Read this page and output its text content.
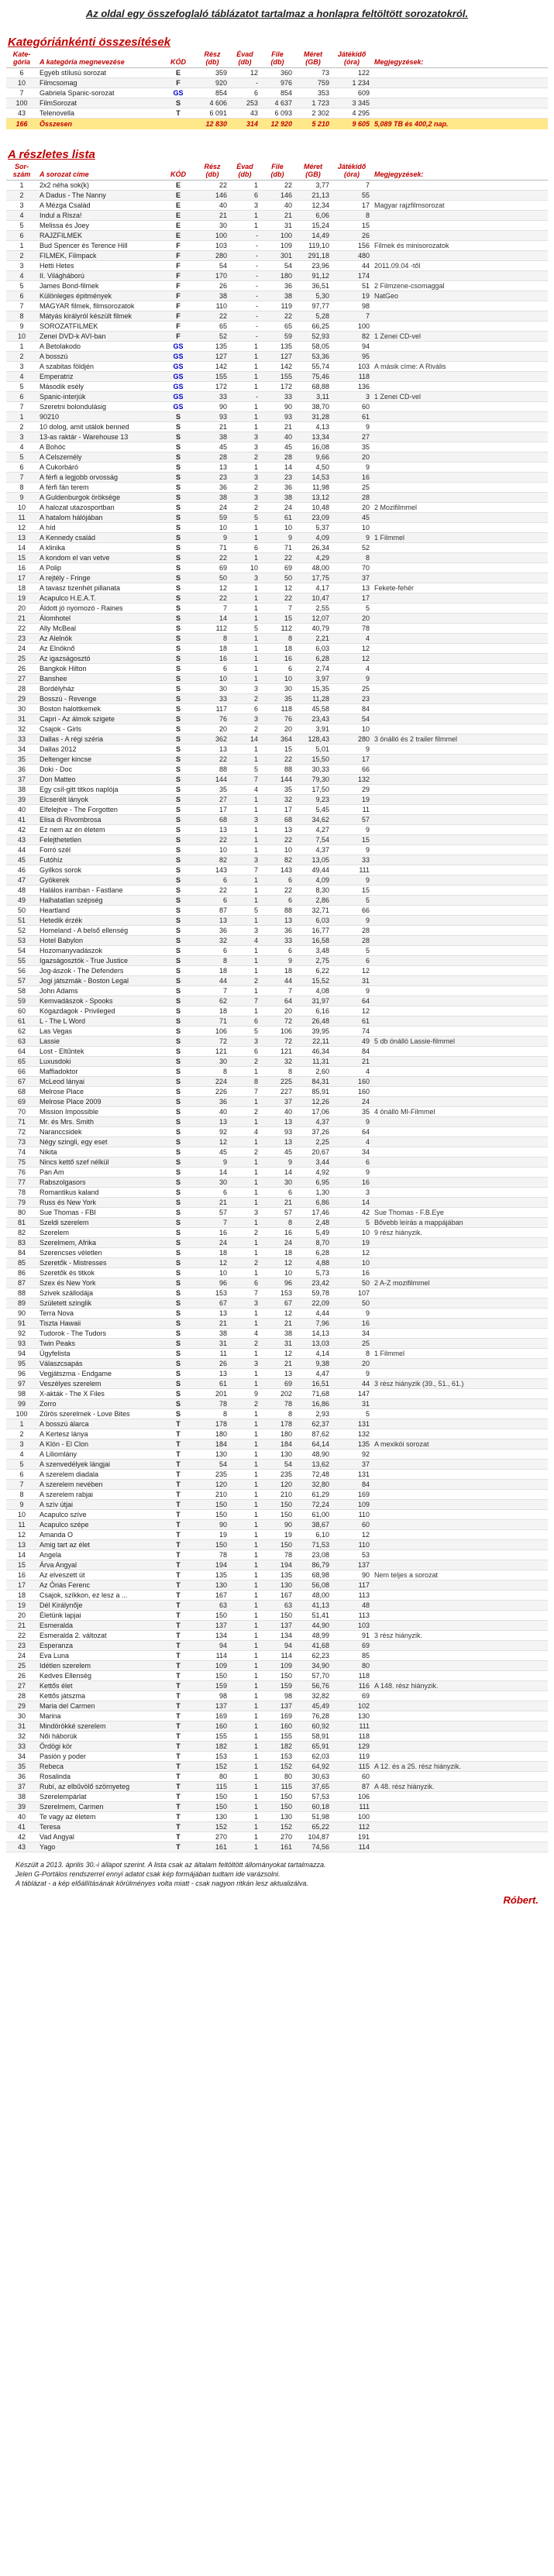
Az oldal egy összefoglaló táblázatot tartalmaz a honlapra feltöltött sorozatokról.
Kategóriánkénti összesítések
Kate-
gória	A kategória megnevezése	KÓD	Rész
(db)	Évad
(db)	File
(db)	Méret
(GB)	Játékidő
(óra)	Megjegyzések:
6	Egyéb stílusú sorozat	E	359	12	360	73	122	
10	Filmcsomag	F	920	-	976	759	1 234	
7	Gabriela Spanic-sorozat	GS	854	6	854	353	609	
100	FilmSorozat	S	4 606	253	4 637	1 723	3 345	
43	Telenovella	T	6 091	43	6 093	2 302	4 295	
166	Összesen		12 830	314	12 920	5 210	9 605	5,089 TB és 400,2 nap.
A részletes lista
Sor-
szám	A sorozat címe	KÓD	Rész
(db)	Évad
(db)	File
(db)	Méret
(GB)	Játékidő
(óra)	Megjegyzések:
1	2x2 néha sok(k)	E	22	1	22	3,77	7	
2	A Dadus - The Nanny	E	146	6	146	21,13	55	
3	A Mézga Család	E	40	3	40	12,34	17	Magyar rajzfilmsorozat
4	Indul a Risza!	E	21	1	21	6,06	8	
5	Melissa és Joey	E	30	1	31	15,24	15	
6	RAJZFILMEK	E	100	-	100	14,49	26	
1	Bud Spencer és Terence Hill	F	103	-	109	119,10	156	Filmek és minisorozatok
2	FILMEK, Filmpack	F	280	-	301	291,18	480	
3	Hetti Hetes	F	54	-	54	23,96	44	2011.09.04 -től
4	II. Világháború	F	170	-	180	91,12	174	
5	James Bond-filmek	F	26	-	36	36,51	51	2 Filmzene-csomaggal
6	Különleges épitmények	F	38	-	38	5,30	19	NatGeo
7	MAGYAR filmek, filmsorozatok	F	110	-	119	97,77	98	
8	Mátyás királyról készült filmek	F	22	-	22	5,28	7	
9	SOROZATFILMEK	F	65	-	65	66,25	100	
10	Zenei DVD-k AVI-ban	F	52	-	59	52,93	82	1 Zenei CD-vel
1	A Betolakodo	GS	135	1	135	58,05	94	
2	A bosszú	GS	127	1	127	53,36	95	
3	A szabitas földjén	GS	142	1	142	55,74	103	A másik címe: A Rivális
4	Emperatriz	GS	155	1	155	75,46	118	
5	Második esély	GS	172	1	172	68,88	136	
6	Spanic-interjúk	GS	33	-	33	3,11	3	1 Zenei CD-vel
7	Szeretni bolondulásig	GS	90	1	90	38,70	60	
1	90210	S	93	1	93	31,28	61	
2	10 dolog, amit utálok benned	S	21	1	21	4,13	9	
3	13-as raktár - Warehouse 13	S	38	3	40	13,34	27	
4	A Bohóc	S	45	3	45	16,08	35	
5	A Celszemély	S	28	2	28	9,66	20	
6	A Cukorbáró	S	13	1	14	4,50	9	
7	A férfi a legjobb orvosság	S	23	3	23	14,53	16	
8	A férfi fán terem	S	36	2	36	11,98	25	
9	A Guldenburgok öröksége	S	38	3	38	13,12	28	
10	A halozat utazosportban	S	24	2	24	10,48	20	2 Mozifilmmel
11	A hatalom hálójában	S	59	5	61	23,09	45	
12	A híd	S	10	1	10	5,37	10	
13	A Kennedy család	S	9	1	9	4,09	9	1 Filmmel
14	A klinika	S	71	6	71	26,34	52	
15	A kondom el van vetve	S	22	1	22	4,29	8	
16	A Polip	S	69	10	69	48,00	70	
17	A rejtély - Fringe	S	50	3	50	17,75	37	
18	A tavasz tizenhét pillanata	S	12	1	12	4,17	13	Fekete-fehér
19	Acapulco H.E.A.T.	S	22	1	22	10,47	17	
20	Áldott jó nyomozó - Raines	S	7	1	7	2,55	5	
21	Álomhotel	S	14	1	15	12,07	20	
22	Ally McBeal	S	112	5	112	40,79	78	
23	Az Alelnök	S	8	1	8	2,21	4	
24	Az Elnöknő	S	18	1	18	6,03	12	
25	Az igazságosztó	S	16	1	16	6,28	12	
26	Bangkok Hilton	S	6	1	6	2,74	4	
27	Banshee	S	10	1	10	3,97	9	
28	Bordélyház	S	30	3	30	15,35	25	
29	Bosszú - Revenge	S	33	2	35	11,28	23	
30	Boston halottkemek	S	117	6	118	45,58	84	
31	Capri - Az álmok szigete	S	76	3	76	23,43	54	
32	Csajok - Girls	S	20	2	20	3,91	10	
33	Dallas - A régi széria	S	362	14	364	128,43	280	3 önálló és 2 trailer filmmel
34	Dallas 2012	S	13	1	15	5,01	9	
35	Deltenger kincse	S	22	1	22	15,50	17	
36	Doki - Doc	S	88	5	88	30,33	66	
37	Don Matteo	S	144	7	144	79,30	132	
38	Egy csíl-gitt titkos naplója	S	35	4	35	17,50	29	
39	Elcserélt lányok	S	27	1	32	9,23	19	
40	Elfelejtve - The Forgotten	S	17	1	17	5,45	11	
41	Elisa di Rivombrosa	S	68	3	68	34,62	57	
42	Ez nem az én életem	S	13	1	13	4,27	9	
43	Felejthetetlen	S	22	1	22	7,54	15	
44	Forró szél	S	10	1	10	4,37	9	
45	Futóhíz	S	82	3	82	13,05	33	
46	Gyilkos sorok	S	143	7	143	49,44	111	
47	Gyökerek	S	6	1	6	4,09	9	
48	Halálos iramban - Fastlane	S	22	1	22	8,30	15	
49	Halhatatlan szépség	S	6	1	6	2,86	5	
50	Heartland	S	87	5	88	32,71	66	
51	Hetedik érzék	S	13	1	13	6,03	9	
52	Homeland - A belső ellenség	S	36	3	36	16,77	28	
53	Hotel Babylon	S	32	4	33	16,58	28	
54	Hozomanyvadászok	S	6	1	6	3,48	5	
55	Igazságosztók - True Justice	S	8	1	9	2,75	6	
56	Jog-ászok - The Defenders	S	18	1	18	6,22	12	
57	Jogi játszmák - Boston Legal	S	44	2	44	15,52	31	
58	John Adams	S	7	1	7	4,08	9	
59	Kemvadászok - Spooks	S	62	7	64	31,97	64	
60	Kógazdagok - Privileged	S	18	1	20	6,16	12	
61	L - The L Word	S	71	6	72	26,48	61	
62	Las Vegas	S	106	5	106	39,95	74	
63	Lassie	S	72	3	72	22,11	49	5 db önálló Lassie-filmmel
64	Lost - Eltűntek	S	121	6	121	46,34	84	
65	Luxusdoki	S	30	2	32	11,31	21	
66	Maffiadoktor	S	8	1	8	2,60	4	
67	McLeod lányai	S	224	8	225	84,31	160	
68	Melrose Place	S	226	7	227	85,91	160	
69	Melrose Place 2009	S	36	1	37	12,26	24	
70	Mission Impossible	S	40	2	40	17,06	35	4 önálló MI-Filmmel
71	Mr. és Mrs. Smith	S	13	1	13	4,37	9	
72	Naranccsidek	S	92	4	93	37,26	64	
73	Négy szingli, egy eset	S	12	1	13	2,25	4	
74	Nikita	S	45	2	45	20,67	34	
75	Nincs kettő szef nélkül	S	9	1	9	3,44	6	
76	Pan Am	S	14	1	14	4,92	9	
77	Rabszolgasors	S	30	1	30	6,95	16	
78	Romantikus kaland	S	6	1	6	1,30	3	
79	Russ és New York	S	21	1	21	6,86	14	
80	Sue Thomas - FBI	S	57	3	57	17,46	42	Sue Thomas - F.B.Eye
81	Szeldi szerelem	S	7	1	8	2,48	5	Bővebb leírás a mappájában
82	Szerelem	S	16	2	16	5,49	10	9 rész hiányzik.
83	Szerelmem, Afrika	S	24	1	24	8,70	19	
84	Szerencses véletlen	S	18	1	18	6,28	12	
85	Szeretők - Mistresses	S	12	2	12	4,88	10	
86	Szeretők és titkok	S	10	1	10	5,73	16	
87	Szex és New York	S	96	6	96	23,42	50	2 A-Z mozifilmmel
88	Szivek szállodája	S	153	7	153	59,78	107	
89	Született szinglik	S	67	3	67	22,09	50	
90	Terra Nova	S	13	1	12	4,44	9	
91	Tiszta Hawaii	S	21	1	21	7,96	16	
92	Tudorok - The Tudors	S	38	4	38	14,13	34	
93	Twin Peaks	S	31	2	31	13,03	25	
94	Úgyfelista	S	11	1	12	4,14	8	1 Filmmel
95	Válaszcsapás	S	26	3	21	9,38	20	
96	Vegjátszma - Endgame	S	13	1	13	4,47	9	
97	Veszélyes szerelem	S	61	1	69	16,51	44	3 rész hiányzik (39., 51., 61.)
98	X-akták - The X Files	S	201	9	202	71,68	147	
99	Zorro	S	78	2	78	16,86	31	
100	Zűrös szerelmek - Love Bites	S	8	1	8	2,93	5	
1	A bosszú álarca	T	178	1	178	62,37	131	
2	A Kertesz lánya	T	180	1	180	87,62	132	
3	A Klón - El Clon	T	184	1	184	64,14	135	A mexikói sorozat
4	A Liliomlány	T	130	1	130	48,90	92	
5	A szenvedélyek lángjai	T	54	1	54	13,62	37	
6	A szerelem diadala	T	235	1	235	72,48	131	
7	A szerelem nevében	T	120	1	120	32,80	84	
8	A szerelem rabjai	T	210	1	210	61,29	169	
9	A szív útjai	T	150	1	150	72,24	109	
10	Acapulco szíve	T	150	1	150	61,00	110	
11	Acapulco szépe	T	90	1	90	38,67	60	
12	Amanda O	T	19	1	19	6,10	12	
13	Amig tart az élet	T	150	1	150	71,53	110	
14	Angela	T	78	1	78	23,08	53	
15	Árva Angyal	T	194	1	194	86,79	137	
16	Az elveszett út	T	135	1	135	68,98	90	Nem teljes a sorozat
17	Az Óriás Ferenc	T	130	1	130	56,08	117	
18	Csajok, szíkkon, ez lesz a ...	T	167	1	167	48,00	113	
19	Dél Királynője	T	63	1	63	41,13	48	
20	Életünk lapjai	T	150	1	150	51,41	113	
21	Esmeralda	T	137	1	137	44,90	103	
22	Esmeralda 2. változat	T	134	1	134	48,99	91	3 rész hiányzik.
23	Esperanza	T	94	1	94	41,68	69	
24	Eva Luna	T	114	1	114	62,23	85	
25	Idétlen szerelem	T	109	1	109	34,90	80	
26	Kedves Ellenség	T	150	1	150	57,70	118	
27	Kettős élet	T	159	1	159	56,76	116	A 148. rész hiányzik.
28	Kettős játszma	T	98	1	98	32,82	69	
29	Maria del Carmen	T	137	1	137	45,49	102	
30	Marina	T	169	1	169	76,28	130	
31	Mindörökké szerelem	T	160	1	160	60,92	111	
32	Női háborúk	T	155	1	155	58,91	118	
33	Ördögi kör	T	182	1	182	65,91	129	
34	Pasión y poder	T	153	1	153	62,03	119	
35	Rebeca	T	152	1	152	64,92	115	A 12. és a 25. rész hiányzik.
36	Rosalinda	T	80	1	80	30,63	60	
37	Rubí, az elbűvölő szörnyeteg	T	115	1	115	37,65	87	A 48. rész hiányzik.
38	Szerelempárlat	T	150	1	150	57,53	106	
39	Szerelmem, Carmen	T	150	1	150	60,18	111	
40	Te vagy az életem	T	130	1	130	51,98	100	
41	Teresa	T	152	1	152	65,22	112	
42	Vad Angyal	T	270	1	270	104,87	191	
43	Yago	T	161	1	161	74,56	114	
Készült a 2013. április 30.-i állapot szerint. A lista csak az általam feltöltött állományokat tartalmazza.
Jelen G-Portálos rendszerrel ennyi adatot csak kép formájában tudtam ide varázsolni.
A táblázat - a kép előállításának körülményes volta miatt - csak nagyon ritkán lesz aktualizálva.
Róbert.
